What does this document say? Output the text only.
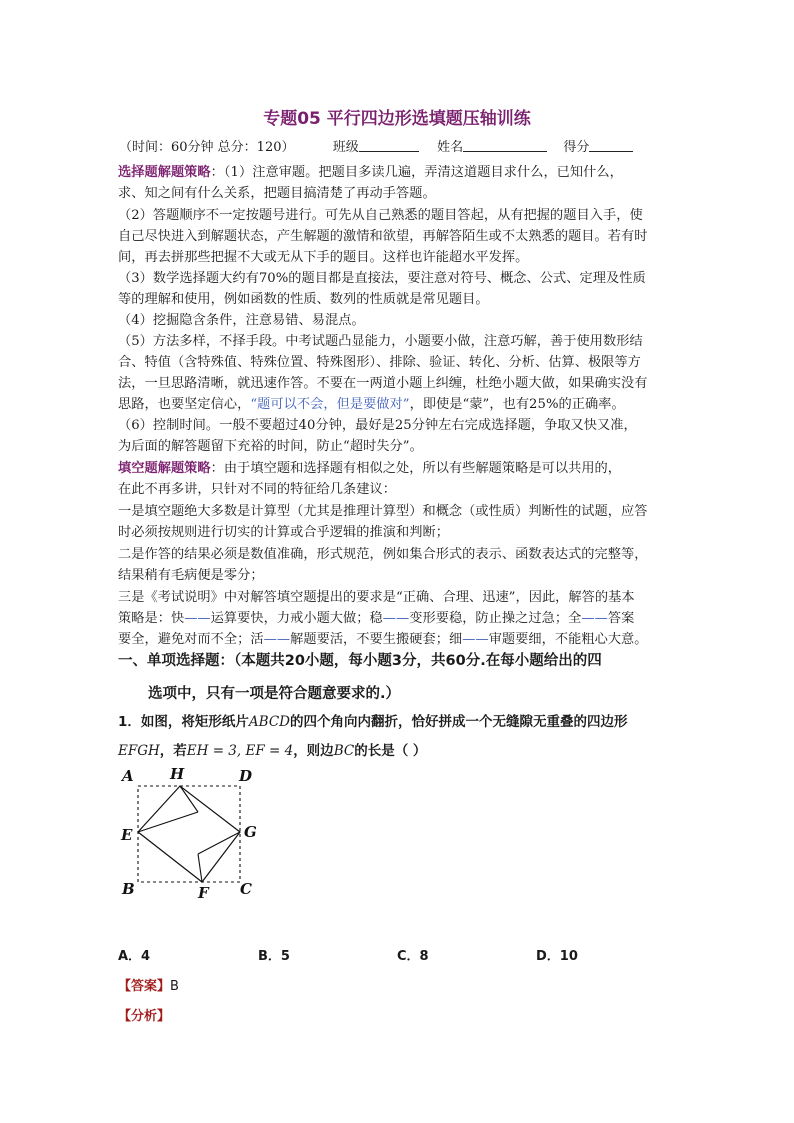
专题05 平行四边形选填题压轴训练
（时间：60分钟 总分：120）	班级	姓名	得分
选择题解题策略：（1）注意审题。把题目多读几遍，弄清这道题目求什么，已知什么，
求、知之间有什么关系，把题目搞清楚了再动手答题。
（2）答题顺序不一定按题号进行。可先从自己熟悉的题目答起，从有把握的题目入手，使
自己尽快进入到解题状态，产生解题的激情和欲望，再解答陌生或不太熟悉的题目。若有时
间，再去拼那些把握不大或无从下手的题目。这样也许能超水平发挥。
（3）数学选择题大约有70%的题目都是直接法，要注意对符号、概念、公式、定理及性质
等的理解和使用，例如函数的性质、数列的性质就是常见题目。
（4）挖掘隐含条件，注意易错、易混点。
（5）方法多样，不择手段。中考试题凸显能力，小题要小做，注意巧解，善于使用数形结
合、特值（含特殊值、特殊位置、特殊图形）、排除、验证、转化、分析、估算、极限等方
法，一旦思路清晰，就迅速作答。不要在一两道小题上纠缠，杜绝小题大做，如果确实没有
思路，也要坚定信心，“题可以不会，但是要做对”，即使是“蒙”，也有25%的正确率。
（6）控制时间。一般不要超过40分钟，最好是25分钟左右完成选择题，争取又快又准，
为后面的解答题留下充裕的时间，防止“超时失分”。
填空题解题策略：由于填空题和选择题有相似之处，所以有些解题策略是可以共用的，
在此不再多讲，只针对不同的特征给几条建议：
一是填空题绝大多数是计算型（尤其是推理计算型）和概念（或性质）判断性的试题，应答
时必须按规则进行切实的计算或合乎逻辑的推演和判断；
二是作答的结果必须是数值准确，形式规范，例如集合形式的表示、函数表达式的完整等，
结果稍有毛病便是零分；
三是《考试说明》中对解答填空题提出的要求是“正确、合理、迅速”，因此，解答的基本
策略是：快——运算要快，力戒小题大做；稳——变形要稳，防止操之过急；全——答案
要全，避免对而不全；活——解题要活，不要生搬硬套；细——审题要细，不能粗心大意。
一、单项选择题：（本题共20小题，每小题3分，共60分.在每小题给出的四
选项中，只有一项是符合题意要求的.）
1．如图，将矩形纸片ABCD的四个角向内翻折，恰好拼成一个无缝隙无重叠的四边形
EFGH，若EH = 3, EF = 4，则边BC的长是（ ）
A H	D
E	G
B	F C
A．4	B．5	C．8	D．10
【答案】B
【分析】
